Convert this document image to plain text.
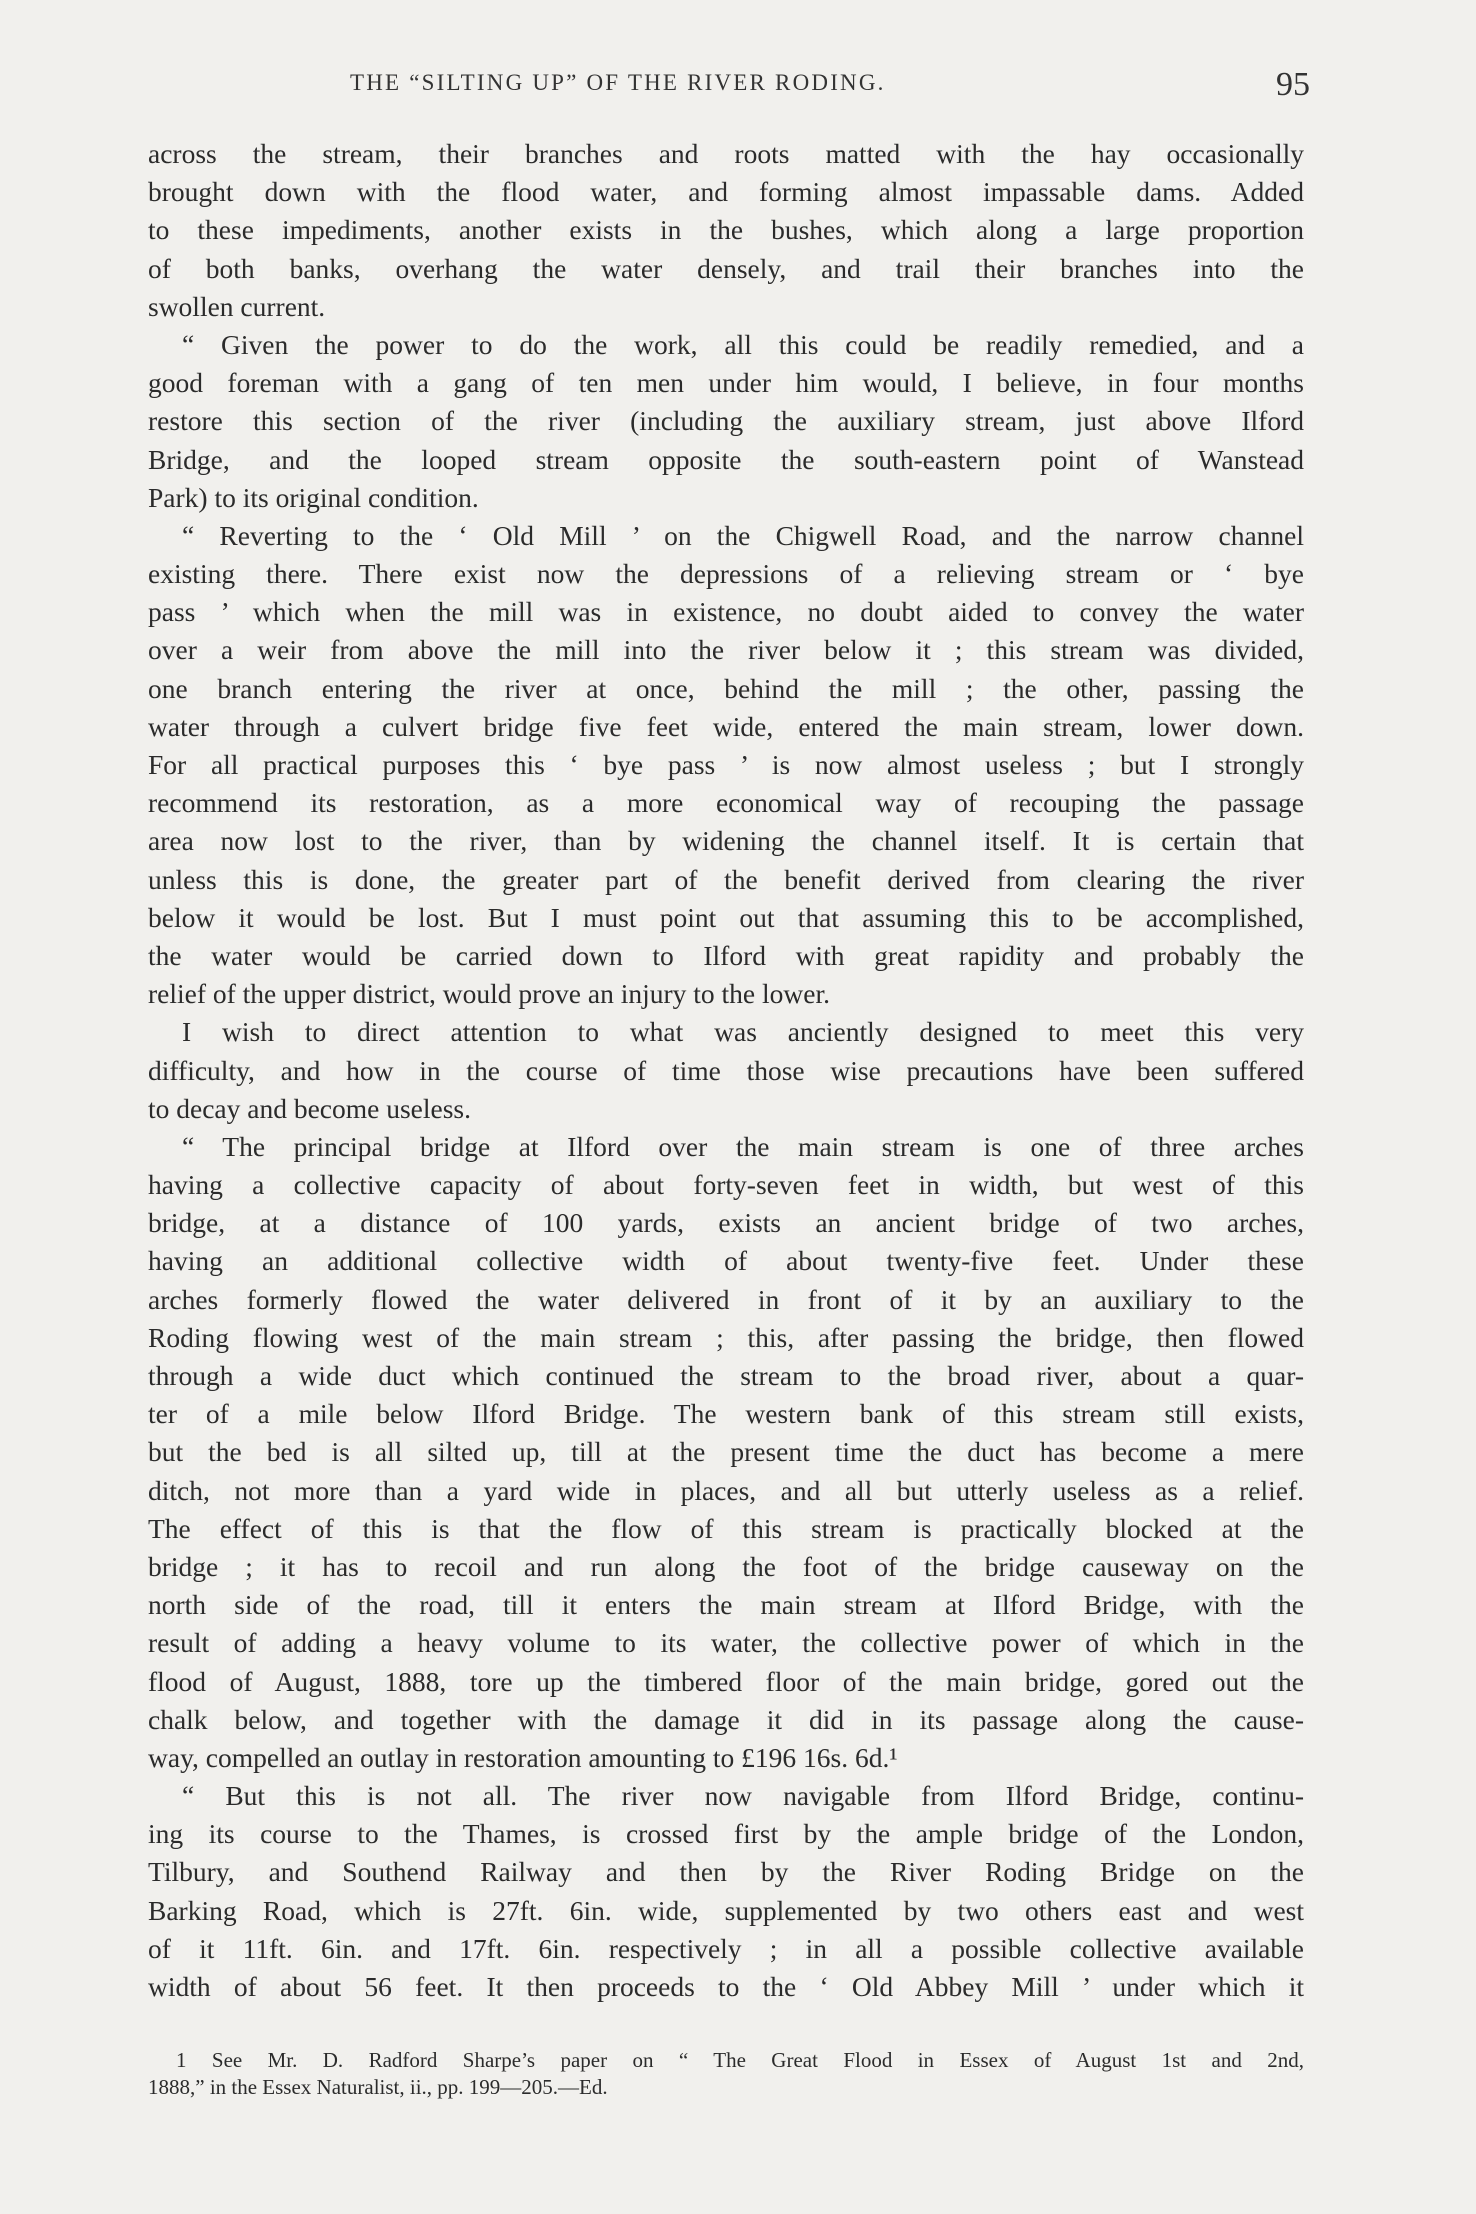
THE “SILTING UP” OF THE RIVER RODING.	95
across the stream, their branches and roots matted with the hay occasionally
brought down with the flood water, and forming almost impassable dams. Added
to these impediments, another exists in the bushes, which along a large proportion
of both banks, overhang the water densely, and trail their branches into the
swollen current.
“ Given the power to do the work, all this could be readily remedied, and a
good foreman with a gang of ten men under him would, I believe, in four months
restore this section of the river (including the auxiliary stream, just above Ilford
Bridge, and the looped stream opposite the south-eastern point of Wanstead
Park) to its original condition.
“ Reverting to the ‘ Old Mill ’ on the Chigwell Road, and the narrow channel
existing there. There exist now the depressions of a relieving stream or ‘ bye
pass ’ which when the mill was in existence, no doubt aided to convey the water
over a weir from above the mill into the river below it ; this stream was divided,
one branch entering the river at once, behind the mill ; the other, passing the
water through a culvert bridge five feet wide, entered the main stream, lower down.
For all practical purposes this ‘ bye pass ’ is now almost useless ; but I strongly
recommend its restoration, as a more economical way of recouping the passage
area now lost to the river, than by widening the channel itself. It is certain that
unless this is done, the greater part of the benefit derived from clearing the river
below it would be lost. But I must point out that assuming this to be accomplished,
the water would be carried down to Ilford with great rapidity and probably the
relief of the upper district, would prove an injury to the lower.
I wish to direct attention to what was anciently designed to meet this very
difficulty, and how in the course of time those wise precautions have been suffered
to decay and become useless.
“ The principal bridge at Ilford over the main stream is one of three arches
having a collective capacity of about forty-seven feet in width, but west of this
bridge, at a distance of 100 yards, exists an ancient bridge of two arches,
having an additional collective width of about twenty-five feet. Under these
arches formerly flowed the water delivered in front of it by an auxiliary to the
Roding flowing west of the main stream ; this, after passing the bridge, then flowed
through a wide duct which continued the stream to the broad river, about a quar-
ter of a mile below Ilford Bridge. The western bank of this stream still exists,
but the bed is all silted up, till at the present time the duct has become a mere
ditch, not more than a yard wide in places, and all but utterly useless as a relief.
The effect of this is that the flow of this stream is practically blocked at the
bridge ; it has to recoil and run along the foot of the bridge causeway on the
north side of the road, till it enters the main stream at Ilford Bridge, with the
result of adding a heavy volume to its water, the collective power of which in the
flood of August, 1888, tore up the timbered floor of the main bridge, gored out the
chalk below, and together with the damage it did in its passage along the cause-
way, compelled an outlay in restoration amounting to £196 16s. 6d.¹
“ But this is not all. The river now navigable from Ilford Bridge, continu-
ing its course to the Thames, is crossed first by the ample bridge of the London,
Tilbury, and Southend Railway and then by the River Roding Bridge on the
Barking Road, which is 27ft. 6in. wide, supplemented by two others east and west
of it 11ft. 6in. and 17ft. 6in. respectively ; in all a possible collective available
width of about 56 feet. It then proceeds to the ‘ Old Abbey Mill ’ under which it
1 See Mr. D. Radford Sharpe’s paper on “ The Great Flood in Essex of August 1st and 2nd,
1888,” in the Essex Naturalist, ii., pp. 199—205.—Ed.
